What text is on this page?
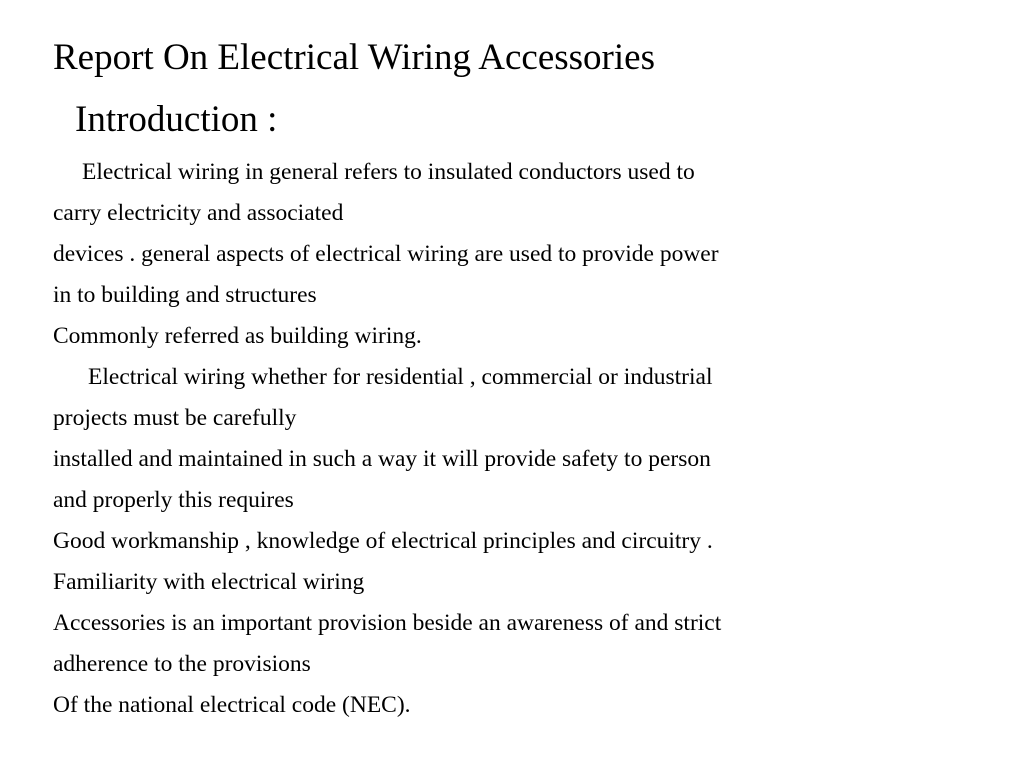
Report On Electrical Wiring Accessories
Introduction :
Electrical wiring in general refers to insulated conductors used to
carry electricity and associated
devices . general aspects of electrical wiring are used to provide power
in to building and structures
Commonly referred as building wiring.
Electrical wiring whether for residential , commercial or industrial
projects must be carefully
installed and maintained in such a way it will provide safety to person
and properly this requires
Good workmanship , knowledge of electrical principles and circuitry .
Familiarity with electrical wiring
Accessories is an important provision beside an awareness of and strict
adherence to the provisions
Of the national electrical code (NEC).
